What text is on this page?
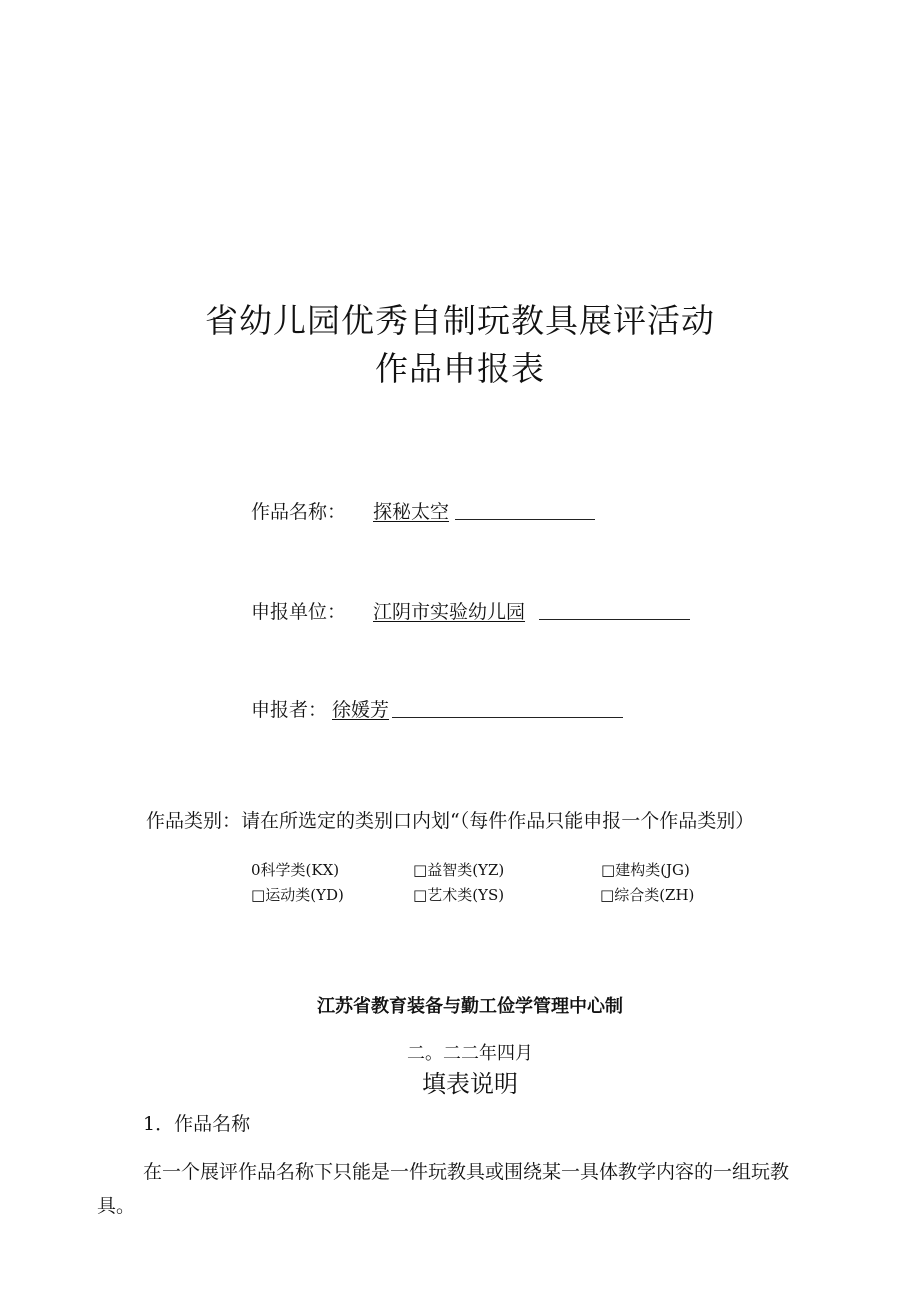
省幼儿园优秀自制玩教具展评活动
作品申报表
作品名称： 探秘太空
申报单位： 江阴市实验幼儿园
申报者： 徐媛芳
作品类别：请在所选定的类别口内划“（每件作品只能申报一个作品类别）
0科学类(KX)	□益智类(YZ)	□建构类(JG)
□运动类(YD)	□艺术类(YS)	□综合类(ZH)
江苏省教育装备与勤工俭学管理中心制
二。二二年四月
填表说明
1．作品名称
在一个展评作品名称下只能是一件玩教具或围绕某一具体教学内容的一组玩教
具。
